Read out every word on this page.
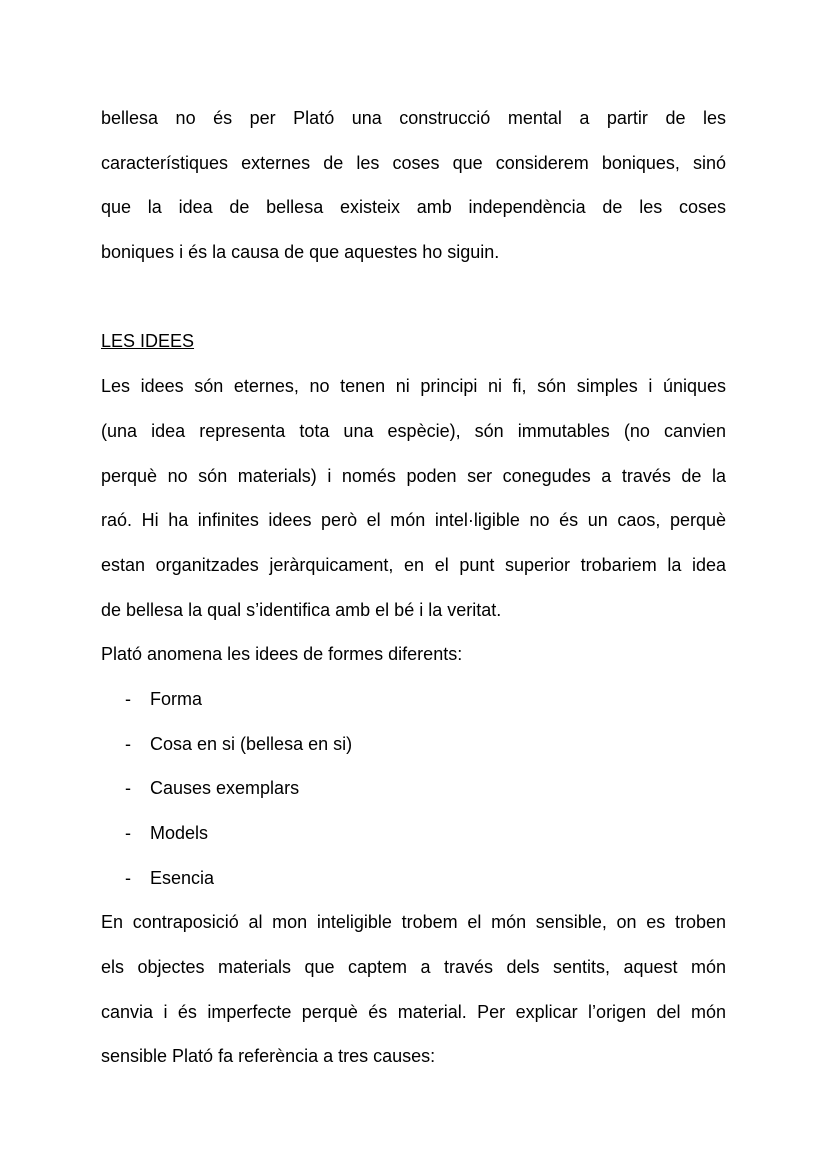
bellesa no és per Plató una construcció mental a partir de les
característiques externes de les coses que considerem boniques, sinó
que la idea de bellesa existeix amb independència de les coses
boniques i és la causa de que aquestes ho siguin.
LES IDEES
Les idees són eternes, no tenen ni principi ni fi, són simples i úniques
(una idea representa tota una espècie), són immutables (no canvien
perquè no són materials) i només poden ser conegudes a través de la
raó. Hi ha infinites idees però el món intel·ligible no és un caos, perquè
estan organitzades jeràrquicament, en el punt superior trobariem la idea
de bellesa la qual s’identifica amb el bé i la veritat.
Plató anomena les idees de formes diferents:
- Forma
- Cosa en si (bellesa en si)
- Causes exemplars
- Models
- Esencia
En contraposició al mon inteligible trobem el món sensible, on es troben
els objectes materials que captem a través dels sentits, aquest món
canvia i és imperfecte perquè és material. Per explicar l’origen del món
sensible Plató fa referència a tres causes:
